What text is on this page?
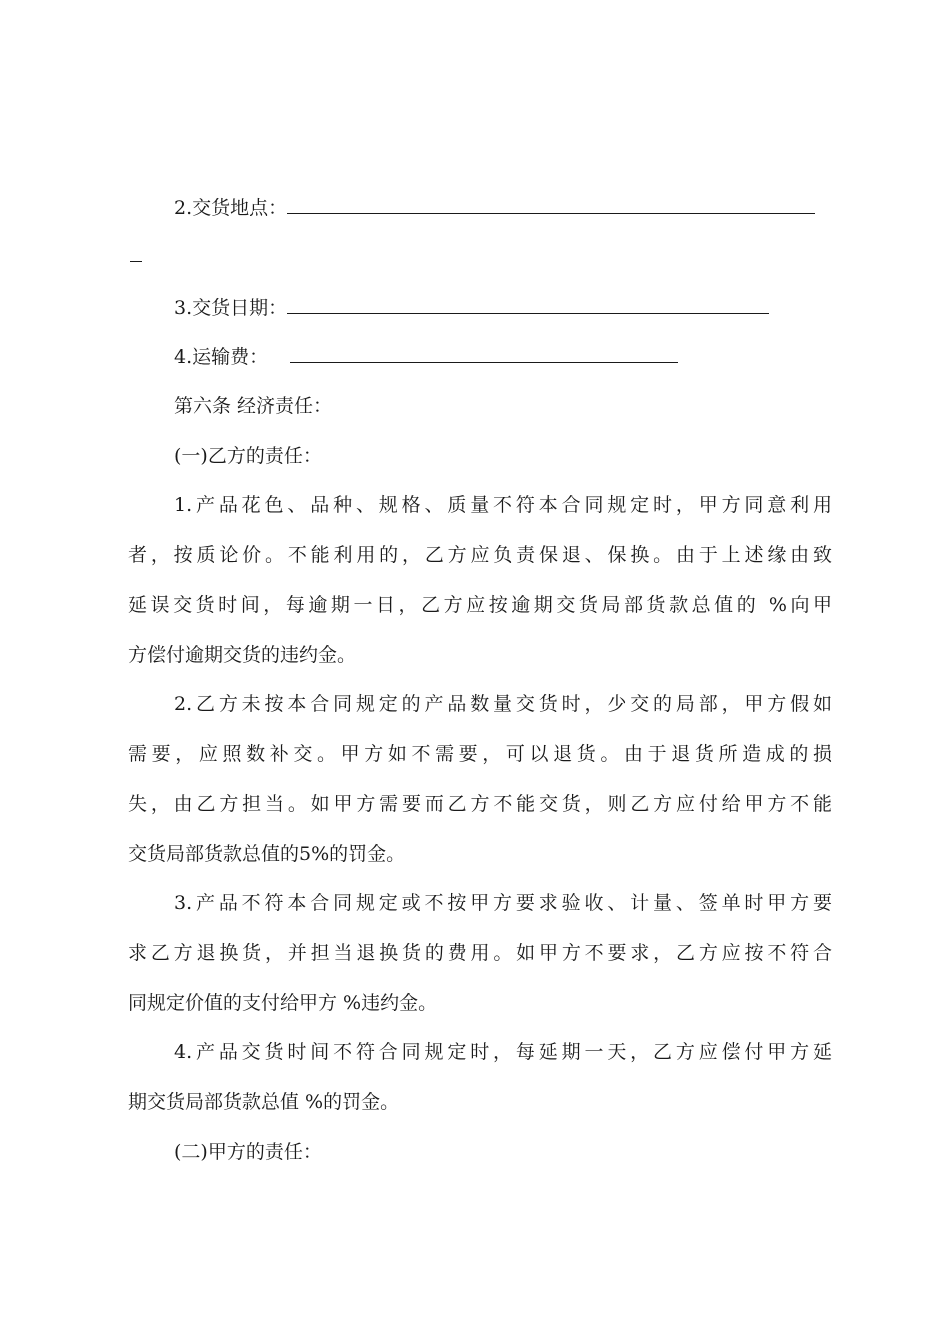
2.交货地点：
3.交货日期：
4.运输费：
第六条 经济责任：
(一)乙方的责任：
1.产品花色、品种、规格、质量不符本合同规定时，甲方同意利用
者，按质论价。不能利用的，乙方应负责保退、保换。由于上述缘由致
延误交货时间，每逾期一日，乙方应按逾期交货局部货款总值的 %向甲
方偿付逾期交货的违约金。
2.乙方未按本合同规定的产品数量交货时，少交的局部，甲方假如
需要，应照数补交。甲方如不需要，可以退货。由于退货所造成的损
失，由乙方担当。如甲方需要而乙方不能交货，则乙方应付给甲方不能
交货局部货款总值的5%的罚金。
3.产品不符本合同规定或不按甲方要求验收、计量、签单时甲方要
求乙方退换货，并担当退换货的费用。如甲方不要求，乙方应按不符合
同规定价值的支付给甲方 %违约金。
4.产品交货时间不符合同规定时，每延期一天，乙方应偿付甲方延
期交货局部货款总值 %的罚金。
(二)甲方的责任：
